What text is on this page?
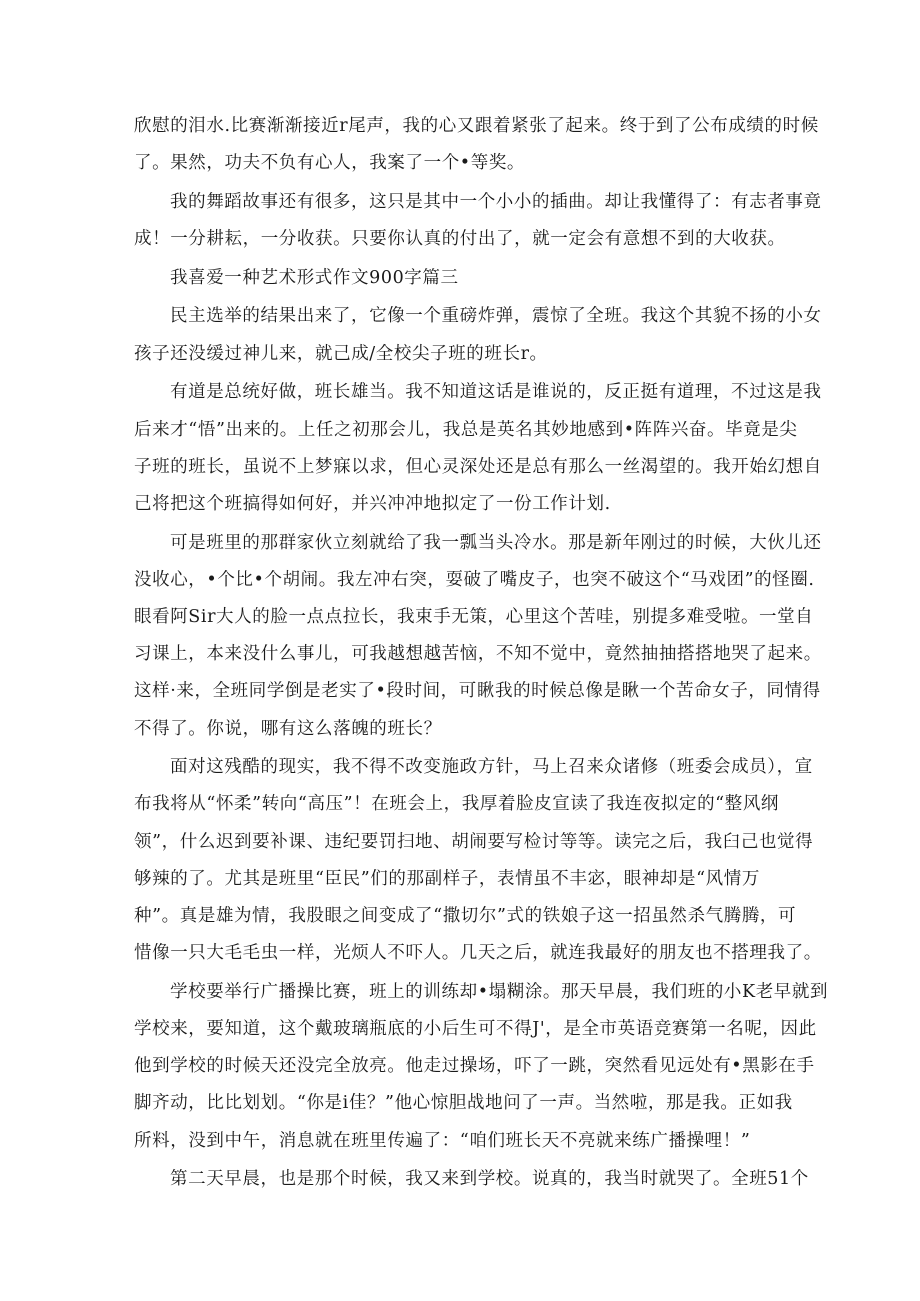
欣慰的泪水.比赛渐渐接近r尾声，我的心又跟着紧张了起来。终于到了公布成绩的时候
了。果然，功夫不负有心人，我案了一个•等奖。

我的舞蹈故事还有很多，这只是其中一个小小的插曲。却让我懂得了：有志者事竟
成！一分耕耘，一分收获。只要你认真的付出了，就一定会有意想不到的大收获。

我喜爱一种艺术形式作文900字篇三

民主选举的结果出来了，它像一个重磅炸弹，震惊了全班。我这个其貌不扬的小女
孩子还没缓过神儿来，就己成/全校尖子班的班长r。

有道是总统好做，班长雄当。我不知道这话是谁说的，反正挺有道理，不过这是我
后来才“悟”出来的。上任之初那会儿，我总是英名其妙地感到•阵阵兴奋。毕竟是尖
子班的班长，虽说不上梦寐以求，但心灵深处还是总有那么一丝渴望的。我开始幻想自
己将把这个班搞得如何好，并兴冲冲地拟定了一份工作计划.

可是班里的那群家伙立刻就给了我一瓢当头冷水。那是新年刚过的时候，大伙儿还
没收心，•个比•个胡闹。我左冲右突，耍破了嘴皮子，也突不破这个“马戏团”的怪圈.
眼看阿Sir大人的脸一点点拉长，我束手无策，心里这个苦哇，别提多难受啦。一堂自
习课上，本来没什么事儿，可我越想越苦恼，不知不觉中，竟然抽抽搭搭地哭了起来。
这样·来，全班同学倒是老实了•段时间，可瞅我的时候总像是瞅一个苦命女子，同情得
不得了。你说，哪有这么落魄的班长？

面对这残酷的现实，我不得不改变施政方针，马上召来众诸修（班委会成员），宣
布我将从“怀柔”转向“高压”！在班会上，我厚着脸皮宣读了我连夜拟定的“整风纲
领”，什么迟到要补课、违纪要罚扫地、胡闹要写检讨等等。读完之后，我臼己也觉得
够辣的了。尤其是班里“臣民”们的那副样子，表情虽不丰宓，眼神却是“风情万
种”。真是雄为情，我股眼之间变成了“撒切尔”式的铁娘子这一招虽然杀气腾腾，可
惜像一只大毛毛虫一样，光烦人不吓人。几天之后，就连我最好的朋友也不搭理我了。

学校要举行广播操比赛，班上的训练却•塌糊涂。那天早晨，我们班的小K老早就到
学校来，要知道，这个戴玻璃瓶底的小后生可不得J'，是全市英语竞赛第一名呢，因此
他到学校的时候天还没完全放亮。他走过操场，吓了一跳，突然看见远处有•黑影在手
脚齐动，比比划划。“你是i佳？”他心惊胆战地问了一声。当然啦，那是我。正如我
所料，没到中午，消息就在班里传遍了：“咱们班长天不亮就来练广播操哩！”

第二天早晨，也是那个时候，我又来到学校。说真的，我当时就哭了。全班51个
